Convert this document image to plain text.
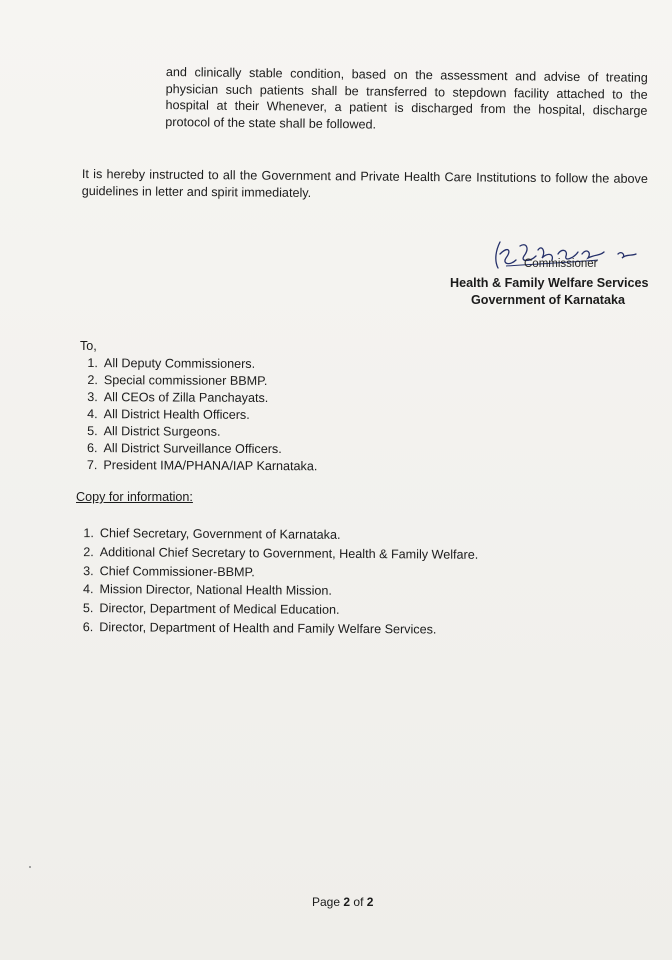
and clinically stable condition, based on the assessment and advise of treating physician such patients shall be transferred to stepdown facility attached to the hospital at their Whenever, a patient is discharged from the hospital, discharge protocol of the state shall be followed.

It is hereby instructed to all the Government and Private Health Care Institutions to follow the above guidelines in letter and spirit immediately.

Commissioner

Health & Family Welfare Services

Government of Karnataka

To,

1. All Deputy Commissioners.
2. Special commissioner BBMP.
3. All CEOs of Zilla Panchayats.
4. All District Health Officers.
5. All District Surgeons.
6. All District Surveillance Officers.
7. President IMA/PHANA/IAP Karnataka.

Copy for information:

1. Chief Secretary, Government of Karnataka.
2. Additional Chief Secretary to Government, Health & Family Welfare.
3. Chief Commissioner-BBMP.
4. Mission Director, National Health Mission.
5. Director, Department of Medical Education.
6. Director, Department of Health and Family Welfare Services.

Page 2 of 2
